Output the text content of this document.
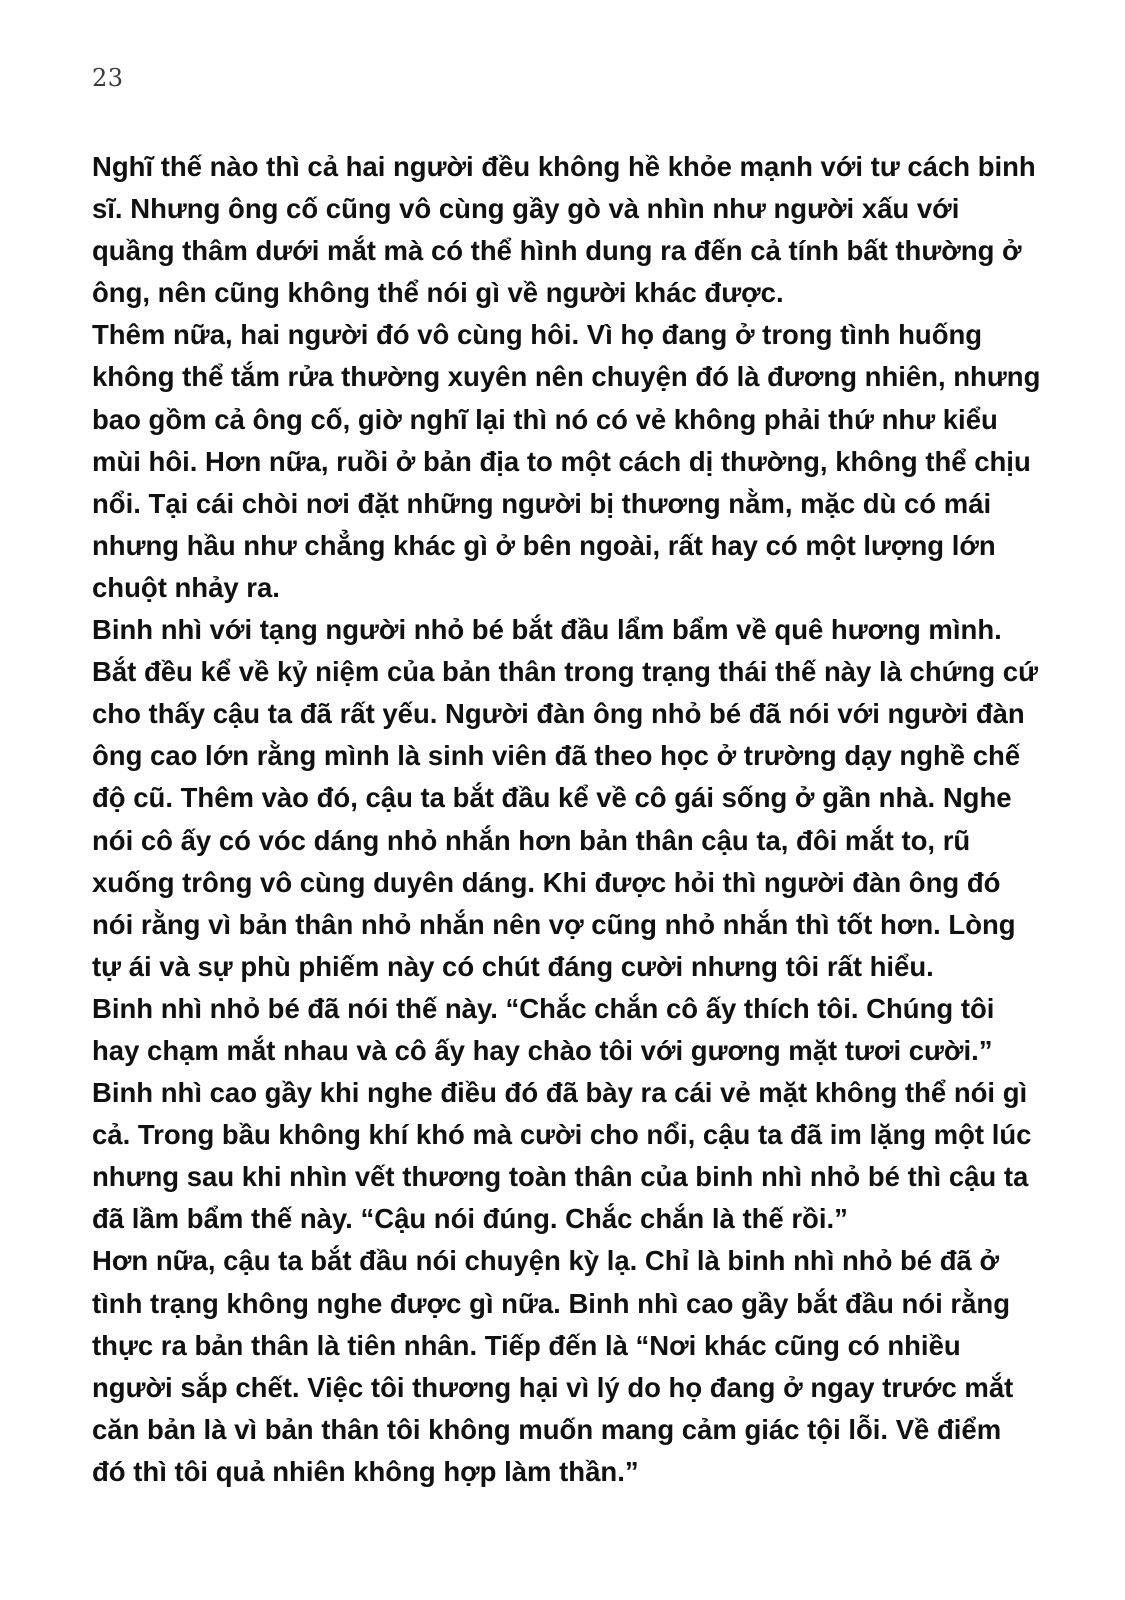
23

Nghĩ thế nào thì cả hai người đều không hề khỏe mạnh với tư cách binh sĩ. Nhưng ông cố cũng vô cùng gầy gò và nhìn như người xấu với quầng thâm dưới mắt mà có thể hình dung ra đến cả tính bất thường ở ông, nên cũng không thể nói gì về người khác được.

Thêm nữa, hai người đó vô cùng hôi. Vì họ đang ở trong tình huống không thể tắm rửa thường xuyên nên chuyện đó là đương nhiên, nhưng bao gồm cả ông cố, giờ nghĩ lại thì nó có vẻ không phải thứ như kiểu mùi hôi. Hơn nữa, ruồi ở bản địa to một cách dị thường, không thể chịu nổi. Tại cái chòi nơi đặt những người bị thương nằm, mặc dù có mái nhưng hầu như chẳng khác gì ở bên ngoài, rất hay có một lượng lớn chuột nhảy ra.

Binh nhì với tạng người nhỏ bé bắt đầu lẩm bẩm về quê hương mình. Bắt đều kể về kỷ niệm của bản thân trong trạng thái thế này là chứng cứ cho thấy cậu ta đã rất yếu. Người đàn ông nhỏ bé đã nói với người đàn ông cao lớn rằng mình là sinh viên đã theo học ở trường dạy nghề chế độ cũ. Thêm vào đó, cậu ta bắt đầu kể về cô gái sống ở gần nhà. Nghe nói cô ấy có vóc dáng nhỏ nhắn hơn bản thân cậu ta, đôi mắt to, rũ xuống trông vô cùng duyên dáng. Khi được hỏi thì người đàn ông đó nói rằng vì bản thân nhỏ nhắn nên vợ cũng nhỏ nhắn thì tốt hơn. Lòng tự ái và sự phù phiếm này có chút đáng cười nhưng tôi rất hiểu.

Binh nhì nhỏ bé đã nói thế này. “Chắc chắn cô ấy thích tôi. Chúng tôi hay chạm mắt nhau và cô ấy hay chào tôi với gương mặt tươi cười.” Binh nhì cao gầy khi nghe điều đó đã bày ra cái vẻ mặt không thể nói gì cả. Trong bầu không khí khó mà cười cho nổi, cậu ta đã im lặng một lúc nhưng sau khi nhìn vết thương toàn thân của binh nhì nhỏ bé thì cậu ta đã lầm bẩm thế này. “Cậu nói đúng. Chắc chắn là thế rồi.”

Hơn nữa, cậu ta bắt đầu nói chuyện kỳ lạ. Chỉ là binh nhì nhỏ bé đã ở tình trạng không nghe được gì nữa. Binh nhì cao gầy bắt đầu nói rằng thực ra bản thân là tiên nhân. Tiếp đến là “Nơi khác cũng có nhiều người sắp chết. Việc tôi thương hại vì lý do họ đang ở ngay trước mắt căn bản là vì bản thân tôi không muốn mang cảm giác tội lỗi. Về điểm đó thì tôi quả nhiên không hợp làm thần.”
